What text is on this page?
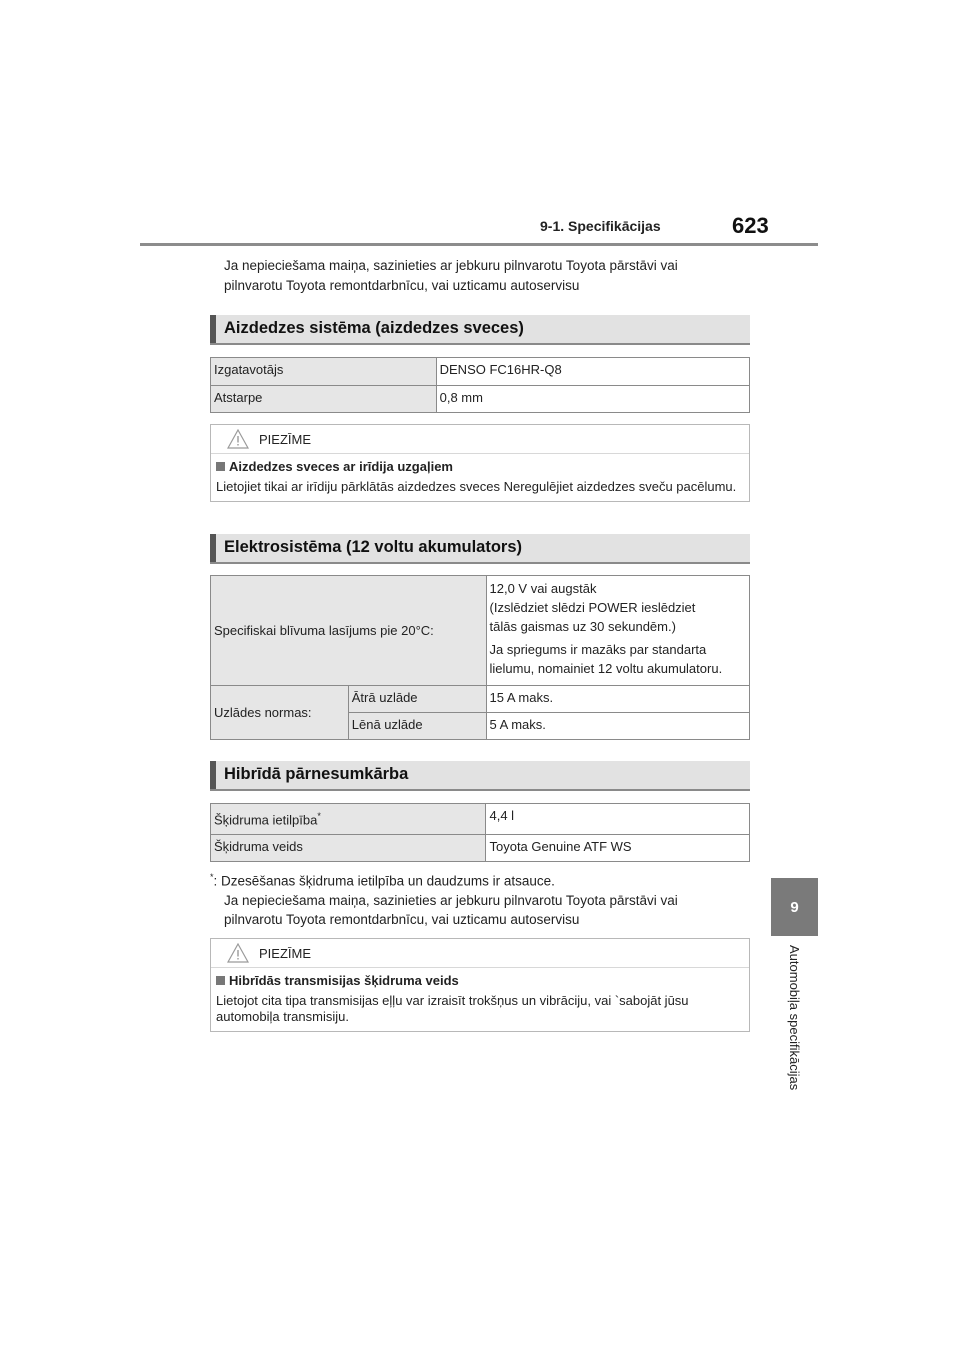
9-1. Specifikācijas	623
9
Automobiļa specifikācijas
Ja nepieciešama maiņa, sazinieties ar jebkuru pilnvarotu Toyota pārstāvi vai
pilnvarotu Toyota remontdarbnīcu, vai uzticamu autoservisu
Aizdedzes sistēma (aizdedzes sveces)
Izgatavotājs	DENSO FC16HR-Q8
Atstarpe	0,8 mm
PIEZĪME
Aizdedzes sveces ar irīdija uzgaļiem
Lietojiet tikai ar irīdiju pārklātās aizdedzes sveces Neregulējiet aizdedzes sveču pacēlumu.
Elektrosistēma (12 voltu akumulators)
Specifiskai blīvuma lasījums pie 20°C:		12,0 V vai augstāk
(Izslēdziet slēdzi POWER ieslēdziet
tālās gaismas uz 30 sekundēm.)
Ja spriegums ir mazāks par standarta
lielumu, nomainiet 12 voltu akumulatoru.

Uzlādes normas:	Ātrā uzlāde	15 A maks.
	Lēnā uzlāde	5 A maks.
Hibrīdā pārnesumkārba
Šķidruma ietilpība*	4,4 l
Šķidruma veids	Toyota Genuine ATF WS
*: Dzesēšanas šķidruma ietilpība un daudzums ir atsauce.
Ja nepieciešama maiņa, sazinieties ar jebkuru pilnvarotu Toyota pārstāvi vai
pilnvarotu Toyota remontdarbnīcu, vai uzticamu autoservisu
PIEZĪME
Hibrīdās transmisijas šķidruma veids
Lietojot cita tipa transmisijas eļļu var izraisīt trokšņus un vibrāciju, vai `sabojāt jūsu automobiļa transmisiju.
